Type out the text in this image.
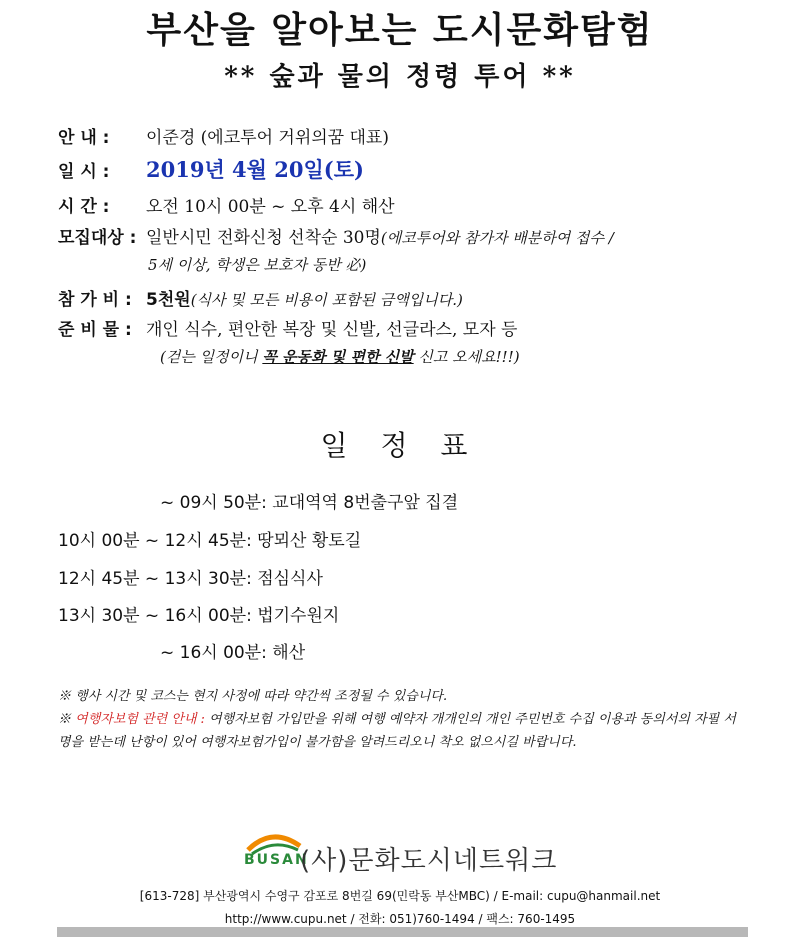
부산을 알아보는 도시문화탐험
** 숲과 물의 정령 투어 **
안 내 : 이준경 (에코투어 거위의꿈 대표)
일 시 : 2019년 4월 20일(토)
시 간 : 오전 10시 00분 ~ 오후 4시 해산
모집대상 : 일반시민 전화신청 선착순 30명(에코투어와 참가자 배분하여 접수 /
5세 이상, 학생은 보호자 동반 必)
참 가 비 : 5천원(식사 및 모든 비용이 포함된 금액입니다.)
준 비 물 : 개인 식수, 편안한 복장 및 신발, 선글라스, 모자 등
(걷는 일정이니 꼭 운동화 및 편한 신발 신고 오세요!!!)
일 정 표
~ 09시 50분: 교대역역 8번출구앞 집결
10시 00분 ~ 12시 45분: 땅뫼산 황토길
12시 45분 ~ 13시 30분: 점심식사
13시 30분 ~ 16시 00분: 법기수원지
~ 16시 00분: 해산
※ 행사 시간 및 코스는 현지 사정에 따라 약간씩 조정될 수 있습니다.
※ 여행자보험 관련 안내 : 여행자보험 가입만을 위해 여행 예약자 개개인의 개인 주민번호 수집 이용과 동의서의 자필 서명을 받는데 난항이 있어 여행자보험가입이 불가함을 알려드리오니 착오 없으시길 바랍니다.
BUSAN
(사)문화도시네트워크
[613-728] 부산광역시 수영구 감포로 8번길 69(민락동 부산MBC) / E-mail: cupu@hanmail.net
http://www.cupu.net / 전화: 051)760-1494 / 팩스: 760-1495
